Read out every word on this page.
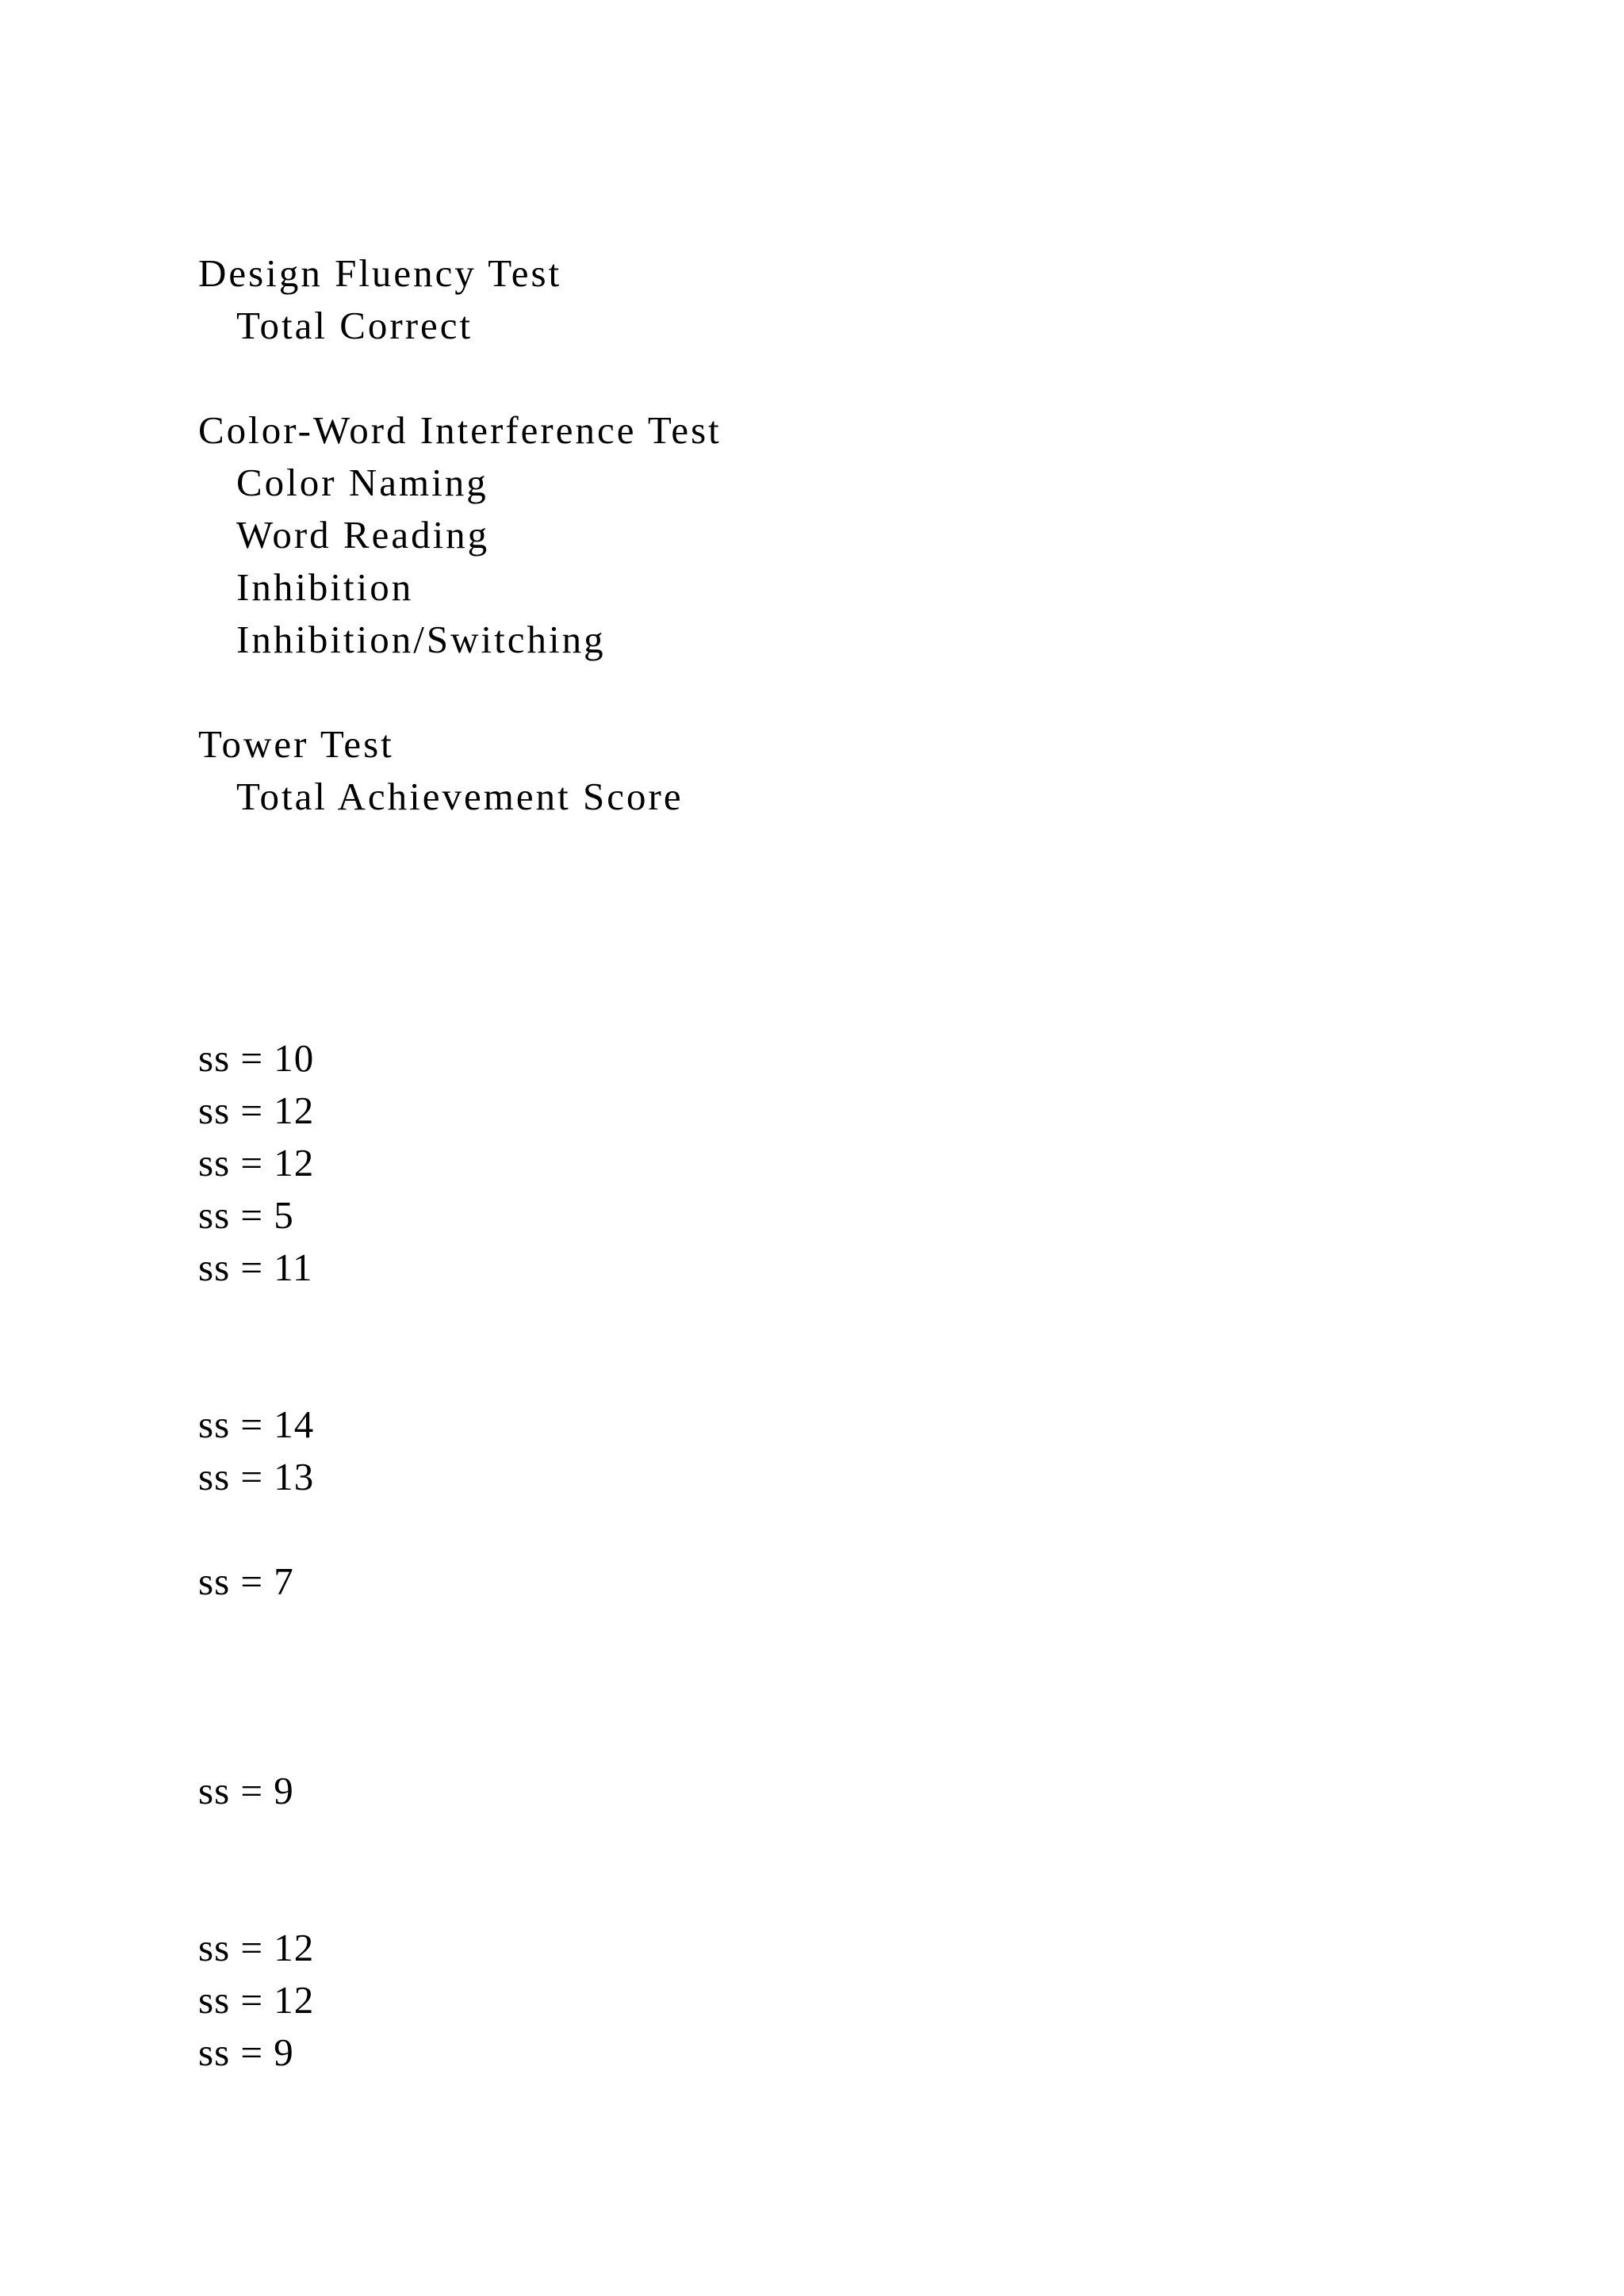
Design Fluency Test

Total Correct

Color-Word Interference Test

Color Naming

Word Reading

Inhibition

Inhibition/Switching

Tower Test

Total Achievement Score

ss = 10

ss = 12

ss = 12

ss = 5

ss = 11

ss = 14

ss = 13

ss = 7

ss = 9

ss = 12

ss = 12

ss = 9
